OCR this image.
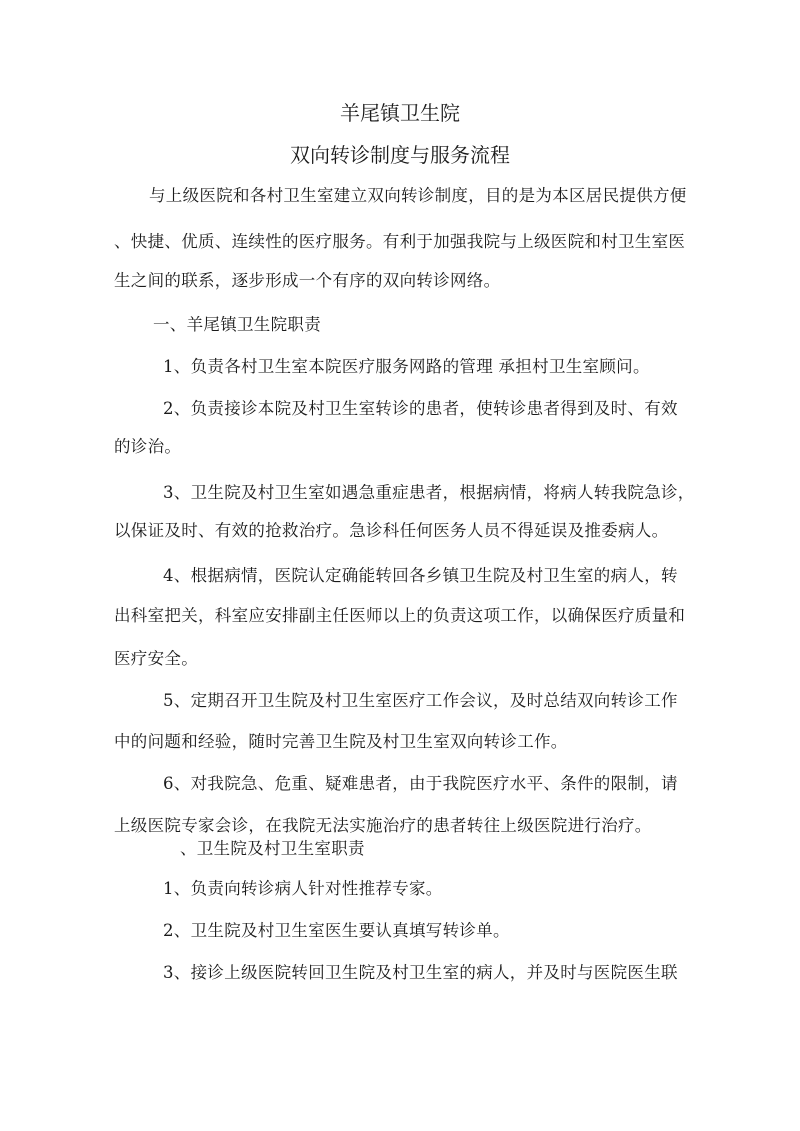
羊尾镇卫生院
双向转诊制度与服务流程
与上级医院和各村卫生室建立双向转诊制度，目的是为本区居民提供方便
、快捷、优质、连续性的医疗服务。有利于加强我院与上级医院和村卫生室医
生之间的联系，逐步形成一个有序的双向转诊网络。
一、羊尾镇卫生院职责
1、负责各村卫生室本院医疗服务网路的管理 承担村卫生室顾问。
2、负责接诊本院及村卫生室转诊的患者，使转诊患者得到及时、有效
的诊治。
3、卫生院及村卫生室如遇急重症患者，根据病情，将病人转我院急诊，
以保证及时、有效的抢救治疗。急诊科任何医务人员不得延误及推委病人。
4、根据病情，医院认定确能转回各乡镇卫生院及村卫生室的病人，转
出科室把关，科室应安排副主任医师以上的负责这项工作，以确保医疗质量和
医疗安全。
5、定期召开卫生院及村卫生室医疗工作会议，及时总结双向转诊工作
中的问题和经验，随时完善卫生院及村卫生室双向转诊工作。
6、对我院急、危重、疑难患者，由于我院医疗水平、条件的限制，请
上级医院专家会诊，在我院无法实施治疗的患者转往上级医院进行治疗。
、卫生院及村卫生室职责
1、负责向转诊病人针对性推荐专家。
2、卫生院及村卫生室医生要认真填写转诊单。
3、接诊上级医院转回卫生院及村卫生室的病人，并及时与医院医生联
